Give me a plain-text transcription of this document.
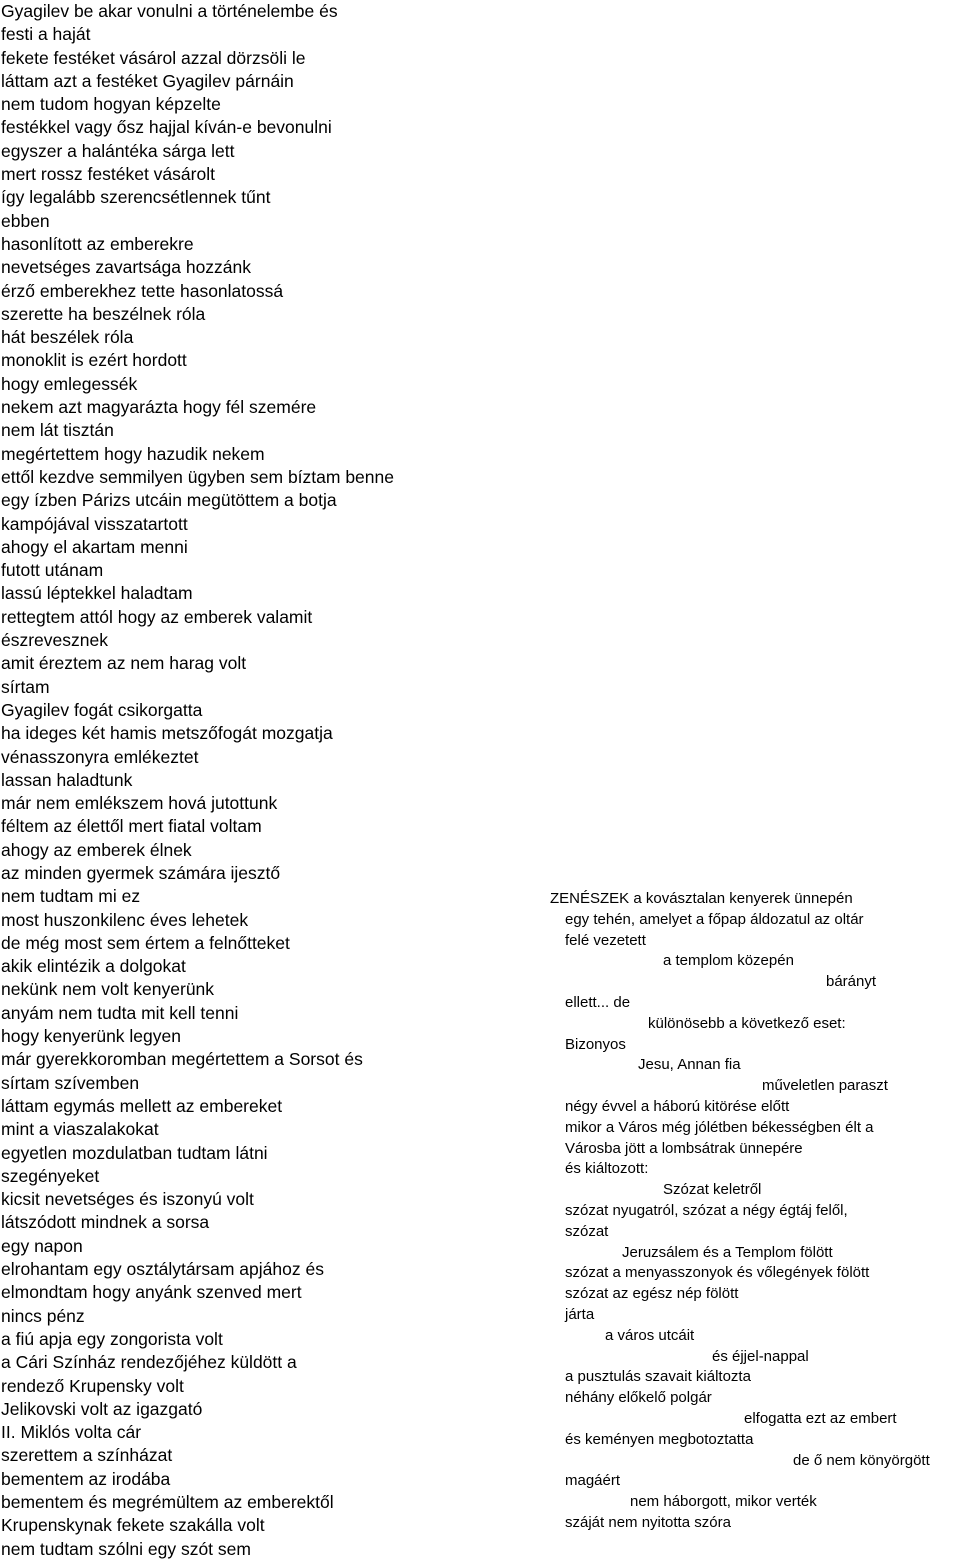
Gyagilev be akar vonulni a történelembe és
festi a haját
fekete festéket vásárol azzal dörzsöli le
láttam azt a festéket Gyagilev párnáin
nem tudom hogyan képzelte
festékkel vagy ősz hajjal kíván-e bevonulni
egyszer a halántéka sárga lett
mert rossz festéket vásárolt
így legalább szerencsétlennek tűnt
ebben
hasonlított az emberekre
nevetséges zavartsága hozzánk
érző emberekhez tette hasonlatossá
szerette ha beszélnek róla
hát beszélek róla
monoklit is ezért hordott
hogy emlegessék
nekem azt magyarázta hogy fél szemére
nem lát tisztán
megértettem hogy hazudik nekem
ettől kezdve semmilyen ügyben sem bíztam benne
egy ízben Párizs utcáin megütöttem a botja
kampójával visszatartott
ahogy el akartam menni
futott utánam
lassú léptekkel haladtam
rettegtem attól hogy az emberek valamit
észrevesznek
amit éreztem az nem harag volt
sírtam
Gyagilev fogát csikorgatta
ha ideges két hamis metszőfogát mozgatja
vénasszonyra emlékeztet
lassan haladtunk
már nem emlékszem hová jutottunk
féltem az élettől mert fiatal voltam
ahogy az emberek élnek
az minden gyermek számára ijesztő
nem tudtam mi ez
most huszonkilenc éves lehetek
de még most sem értem a felnőtteket
akik elintézik a dolgokat
nekünk nem volt kenyerünk
anyám nem tudta mit kell tenni
hogy kenyerünk legyen
már gyerekkoromban megértettem a Sorsot és
sírtam szívemben
láttam egymás mellett az embereket
mint a viaszalakokat
egyetlen mozdulatban tudtam látni
szegényeket
kicsit nevetséges és iszonyú volt
látszódott mindnek a sorsa
egy napon
elrohantam egy osztálytársam apjához és
elmondtam hogy anyánk szenved mert
nincs pénz
a fiú apja egy zongorista volt
a Cári Színház rendezőjéhez küldött a
rendező Krupensky volt
Jelikovski volt az igazgató
II. Miklós volta cár
szerettem a színházat
bementem az irodába
bementem és megrémültem az emberektől
Krupenskynak fekete szakálla volt
nem tudtam szólni egy szót sem
ZENÉSZEK a kovásztalan kenyerek ünnepén
egy tehén, amelyet a főpap áldozatul az oltár
felé vezetett
a templom közepén
bárányt
ellett... de
különösebb a következő eset:
Bizonyos
Jesu, Annan fia
műveletlen paraszt
négy évvel a háború kitörése előtt
mikor a Város még jólétben békességben élt a
Városba jött a lombsátrak ünnepére
és kiáltozott:
Szózat keletről
szózat nyugatról, szózat a négy égtáj felől,
szózat
Jeruzsálem és a Templom fölött
szózat a menyasszonyok és vőlegények fölött
szózat az egész nép fölött
járta
a város utcáit
és éjjel-nappal
a pusztulás szavait kiáltozta
néhány előkelő polgár
elfogatta ezt az embert
és keményen megbotoztatta
de ő nem könyörgött
magáért
nem háborgott, mikor verték
száját nem nyitotta szóra
